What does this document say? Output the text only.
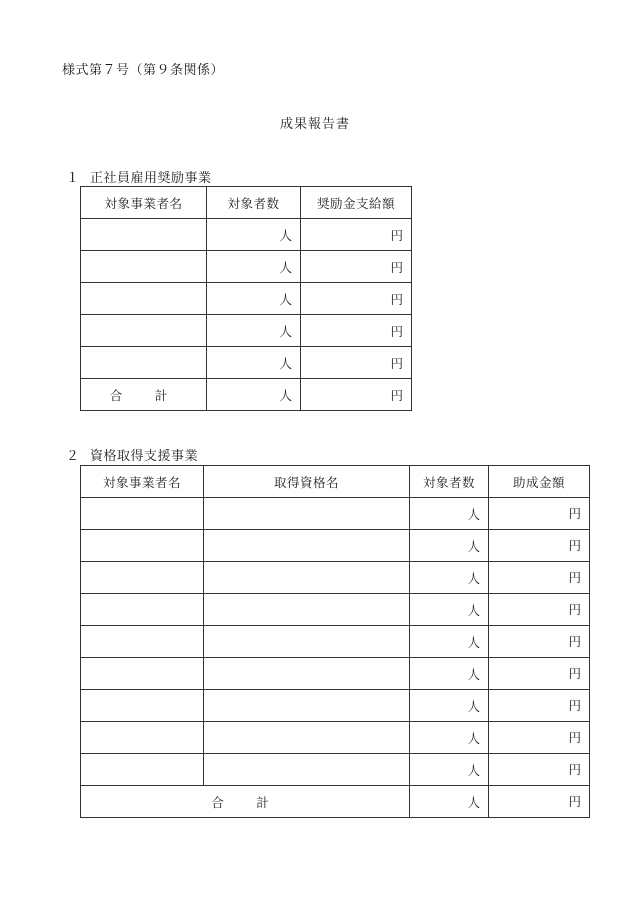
様式第７号（第９条関係）
成果報告書
１ 正社員雇用奨励事業
対象事業者名	対象者数	奨励金支給額
	人	円
	人	円
	人	円
	人	円
	人	円
合　計	人	円
２ 資格取得支援事業
対象事業者名	取得資格名	対象者数	助成金額
		人	円
		人	円
		人	円
		人	円
		人	円
		人	円
		人	円
		人	円
		人	円
合　計		人	円
